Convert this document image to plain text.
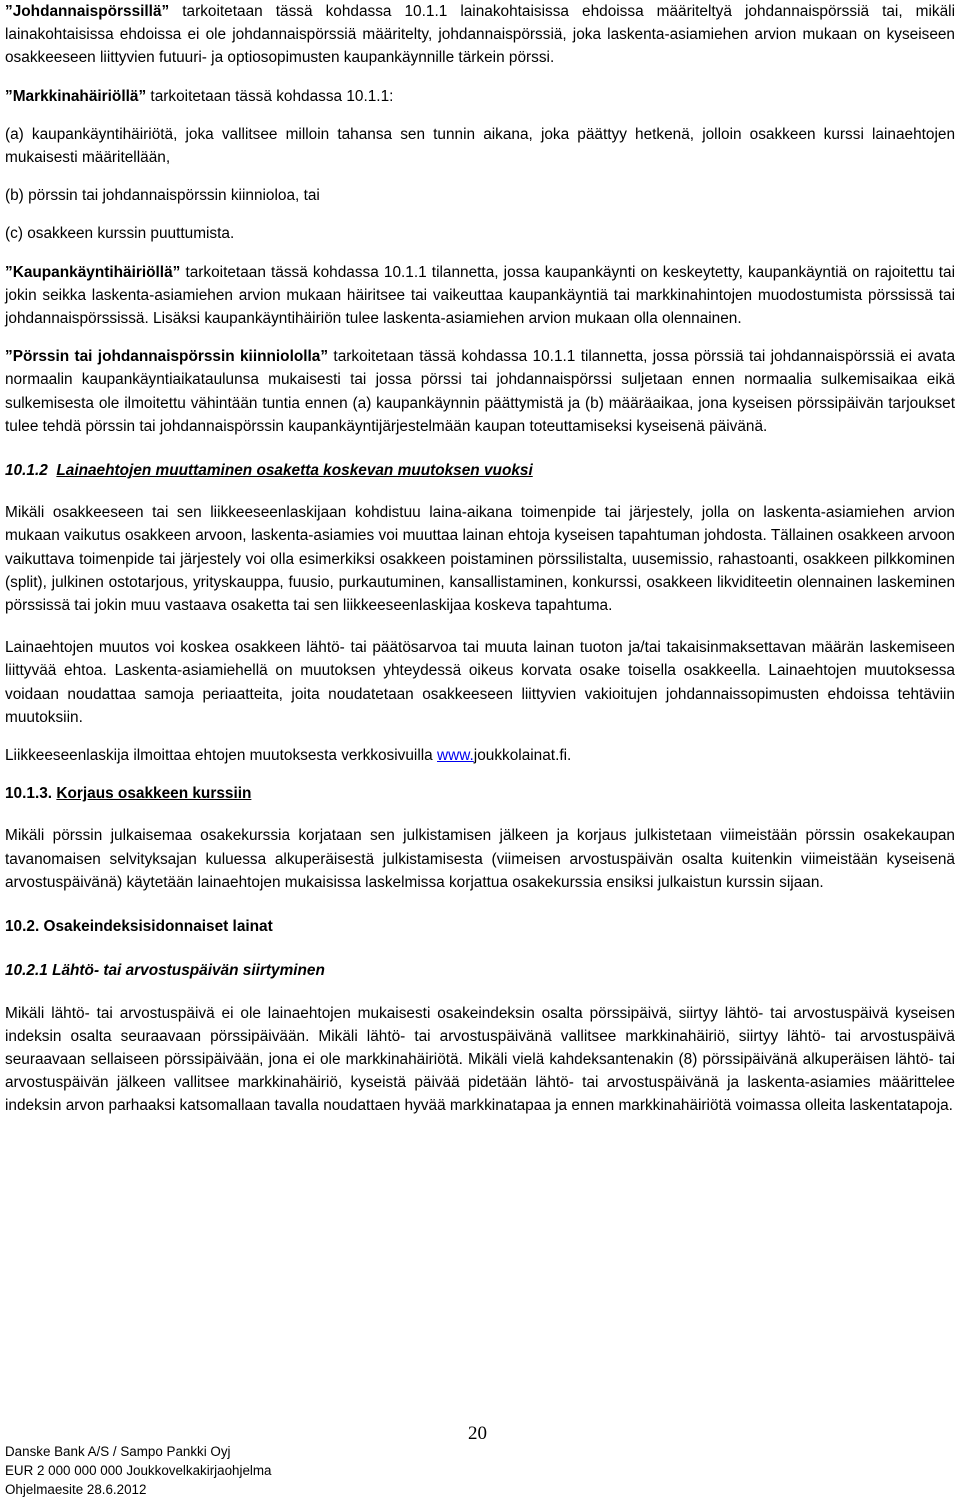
”Johdannaispörssillä” tarkoitetaan tässä kohdassa 10.1.1 lainakohtaisissa ehdoissa määriteltyä johdannaispörssiä tai, mikäli lainakohtaisissa ehdoissa ei ole johdannaispörssiä määritelty, johdannaispörssiä, joka laskenta-asiamiehen arvion mukaan on kyseiseen osakkeeseen liittyvien futuuri- ja optiosopimusten kaupankäynnille tärkein pörssi.

”Markkinahäiriöllä” tarkoitetaan tässä kohdassa 10.1.1:

(a) kaupankäyntihäiriötä, joka vallitsee milloin tahansa sen tunnin aikana, joka päättyy hetkenä, jolloin osakkeen kurssi lainaehtojen mukaisesti määritellään,

(b) pörssin tai johdannaispörssin kiinnioloa, tai

(c) osakkeen kurssin puuttumista.

”Kaupankäyntihäiriöllä” tarkoitetaan tässä kohdassa 10.1.1 tilannetta, jossa kaupankäynti on keskeytetty, kaupankäyntiä on rajoitettu tai jokin seikka laskenta-asiamiehen arvion mukaan häiritsee tai vaikeuttaa kaupankäyntiä tai markkinahintojen muodostumista pörssissä tai johdannaispörssissä. Lisäksi kaupankäyntihäiriön tulee laskenta-asiamiehen arvion mukaan olla olennainen.

”Pörssin tai johdannaispörssin kiinniololla” tarkoitetaan tässä kohdassa 10.1.1 tilannetta, jossa pörssiä tai johdannaispörssiä ei avata normaalin kaupankäyntiaikataulunsa mukaisesti tai jossa pörssi tai johdannaispörssi suljetaan ennen normaalia sulkemisaikaa eikä sulkemisesta ole ilmoitettu vähintään tuntia ennen (a) kaupankäynnin päättymistä ja (b) määräaikaa, jona kyseisen pörssipäivän tarjoukset tulee tehdä pörssin tai johdannaispörssin kaupankäyntijärjestelmään kaupan toteuttamiseksi kyseisenä päivänä.

10.1.2 Lainaehtojen muuttaminen osaketta koskevan muutoksen vuoksi

Mikäli osakkeeseen tai sen liikkeeseenlaskijaan kohdistuu laina-aikana toimenpide tai järjestely, jolla on laskenta-asiamiehen arvion mukaan vaikutus osakkeen arvoon, laskenta-asiamies voi muuttaa lainan ehtoja kyseisen tapahtuman johdosta. Tällainen osakkeen arvoon vaikuttava toimenpide tai järjestely voi olla esimerkiksi osakkeen poistaminen pörssilistalta, uusemissio, rahastoanti, osakkeen pilkkominen (split), julkinen ostotarjous, yrityskauppa, fuusio, purkautuminen, kansallistaminen, konkurssi, osakkeen likviditeetin olennainen laskeminen pörssissä tai jokin muu vastaava osaketta tai sen liikkeeseenlaskijaa koskeva tapahtuma.

Lainaehtojen muutos voi koskea osakkeen lähtö- tai päätösarvoa tai muuta lainan tuoton ja/tai takaisinmaksettavan määrän laskemiseen liittyvää ehtoa. Laskenta-asiamiehellä on muutoksen yhteydessä oikeus korvata osake toisella osakkeella. Lainaehtojen muutoksessa voidaan noudattaa samoja periaatteita, joita noudatetaan osakkeeseen liittyvien vakioitujen johdannaissopimusten ehdoissa tehtäviin muutoksiin.

Liikkeeseenlaskija ilmoittaa ehtojen muutoksesta verkkosivuilla www.joukkolainat.fi.

10.1.3. Korjaus osakkeen kurssiin

Mikäli pörssin julkaisemaa osakekurssia korjataan sen julkistamisen jälkeen ja korjaus julkistetaan viimeistään pörssin osakekaupan tavanomaisen selvityksajan kuluessa alkuperäisestä julkistamisesta (viimeisen arvostuspäivän osalta kuitenkin viimeistään kyseisenä arvostuspäivänä) käytetään lainaehtojen mukaisissa laskelmissa korjattua osakekurssia ensiksi julkaistun kurssin sijaan.

10.2. Osakeindeksisidonnaiset lainat
10.2.1 Lähtö- tai arvostuspäivän siirtyminen

Mikäli lähtö- tai arvostuspäivä ei ole lainaehtojen mukaisesti osakeindeksin osalta pörssipäivä, siirtyy lähtö- tai arvostuspäivä kyseisen indeksin osalta seuraavaan pörssipäivään. Mikäli lähtö- tai arvostuspäivänä vallitsee markkinahäiriö, siirtyy lähtö- tai arvostuspäivä seuraavaan sellaiseen pörssipäivään, jona ei ole markkinahäiriötä. Mikäli vielä kahdeksantenakin (8) pörssipäivänä alkuperäisen lähtö- tai arvostuspäivän jälkeen vallitsee markkinahäiriö, kyseistä päivää pidetään lähtö- tai arvostuspäivänä ja laskenta-asiamies määrittelee indeksin arvon parhaaksi katsomallaan tavalla noudattaen hyvää markkinatapaa ja ennen markkinahäiriötä voimassa olleita laskentatapoja.

20
Danske Bank A/S / Sampo Pankki Oyj
EUR 2 000 000 000 Joukkovelkakirjaohjelma
Ohjelmaesite 28.6.2012
